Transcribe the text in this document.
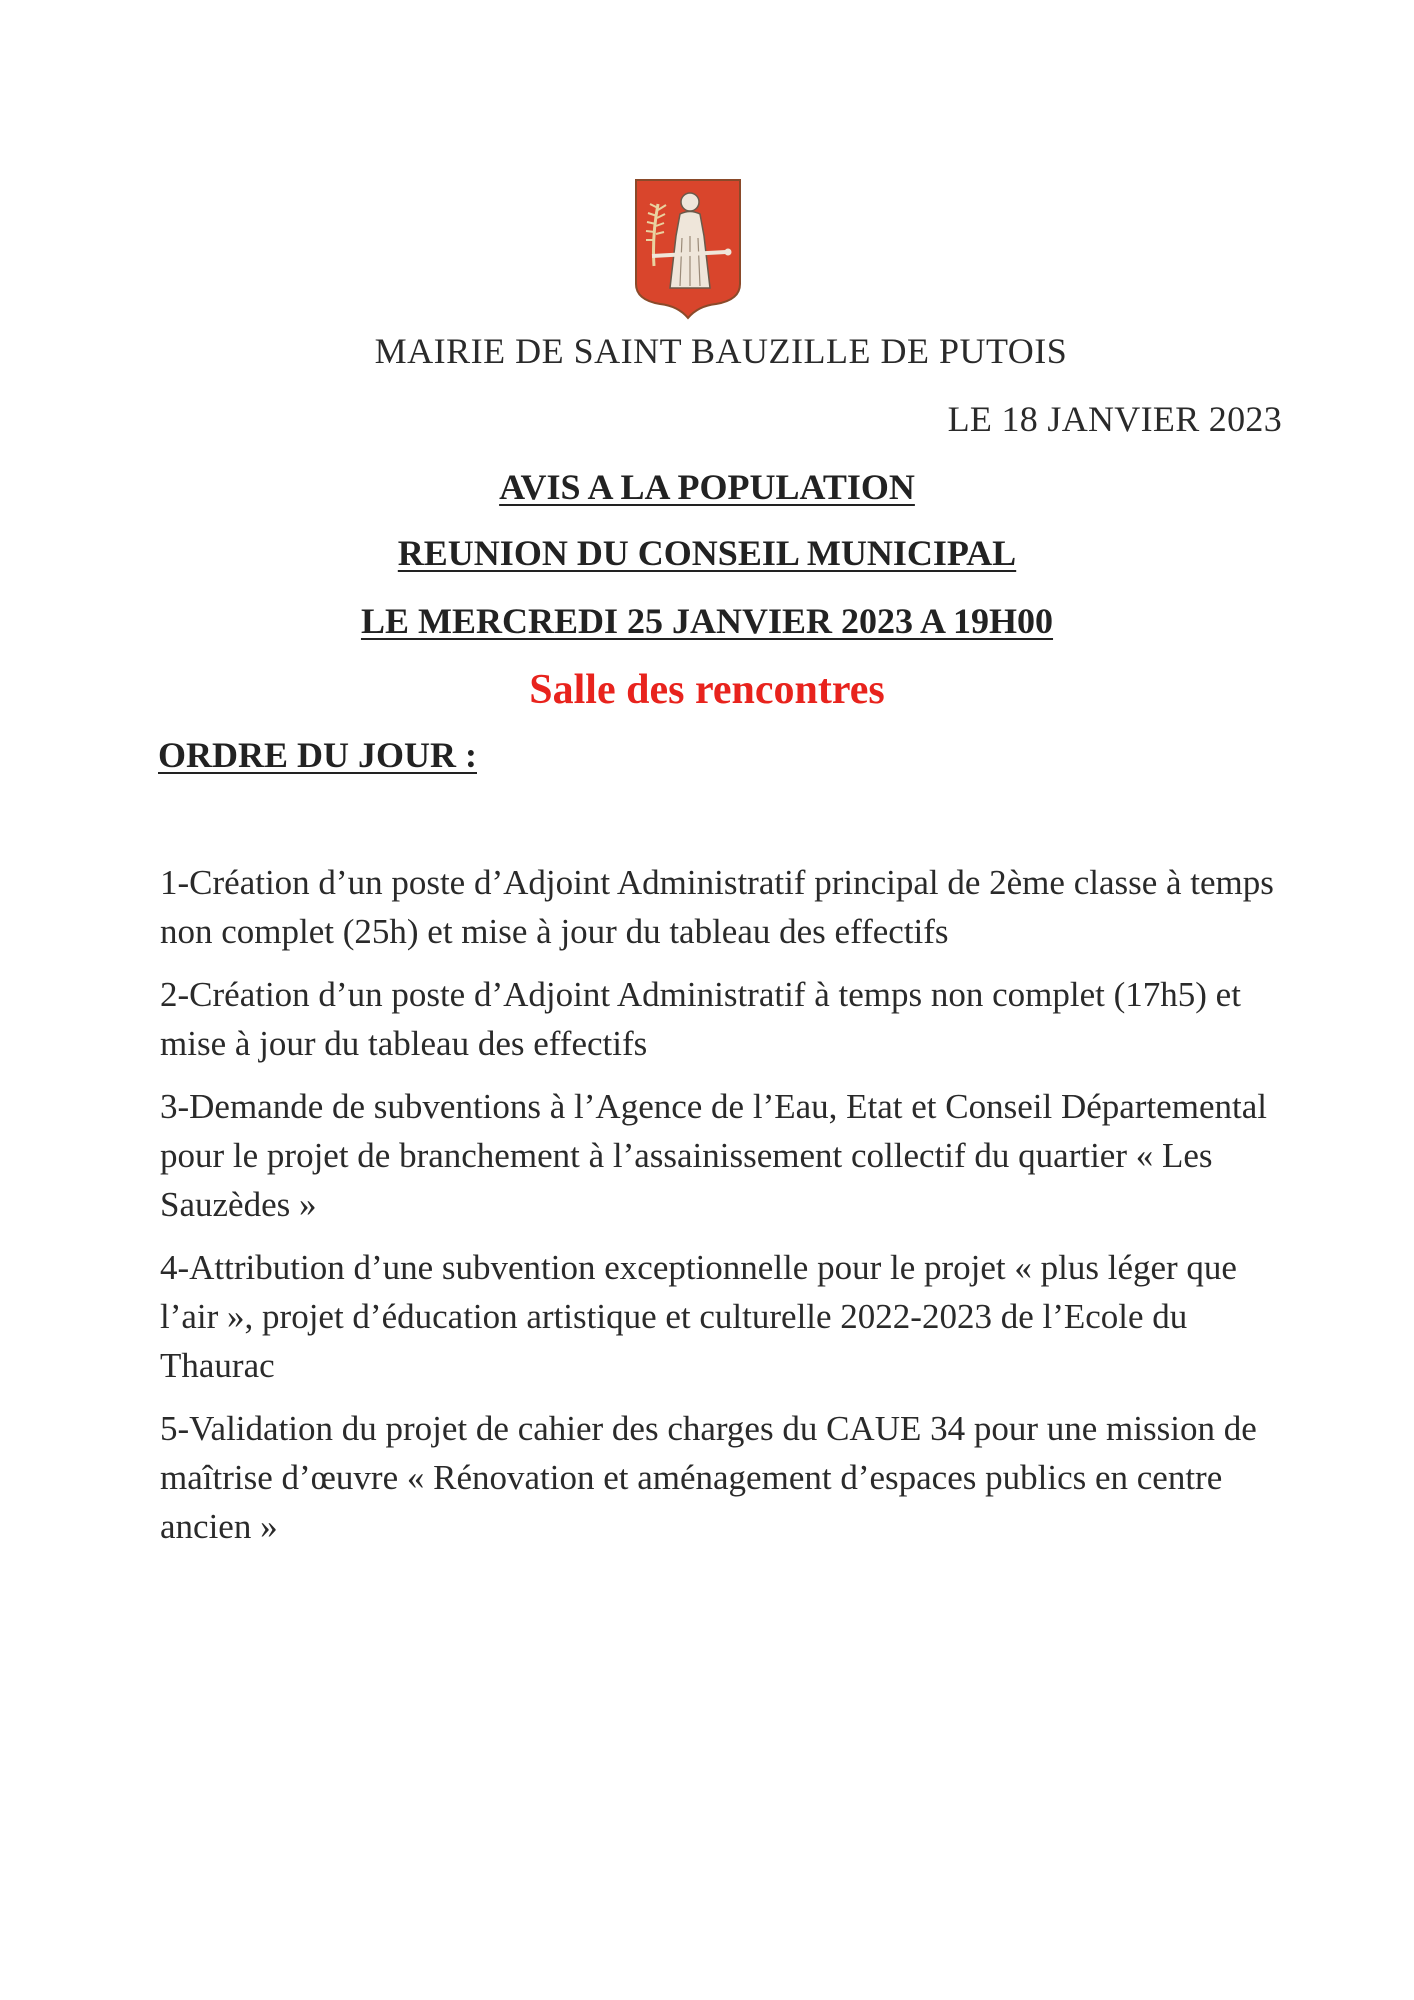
MAIRIE DE SAINT BAUZILLE DE PUTOIS
LE 18 JANVIER 2023
AVIS A LA POPULATION
REUNION DU CONSEIL MUNICIPAL
LE MERCREDI 25 JANVIER 2023 A 19H00
Salle des rencontres
ORDRE DU JOUR :
1-Création d’un poste d’Adjoint Administratif principal de 2ème classe à temps non complet (25h) et mise à jour du tableau des effectifs
2-Création d’un poste d’Adjoint Administratif à temps non complet (17h5) et mise à jour du tableau des effectifs
3-Demande de subventions à l’Agence de l’Eau, Etat et Conseil Départemental pour le projet de branchement à l’assainissement collectif du quartier « Les Sauzèdes »
4-Attribution d’une subvention exceptionnelle pour le projet « plus léger que l’air », projet d’éducation artistique et culturelle 2022-2023 de l’Ecole du Thaurac
5-Validation du projet de cahier des charges du CAUE 34 pour une mission de maîtrise d’œuvre « Rénovation et aménagement d’espaces publics en centre ancien »
